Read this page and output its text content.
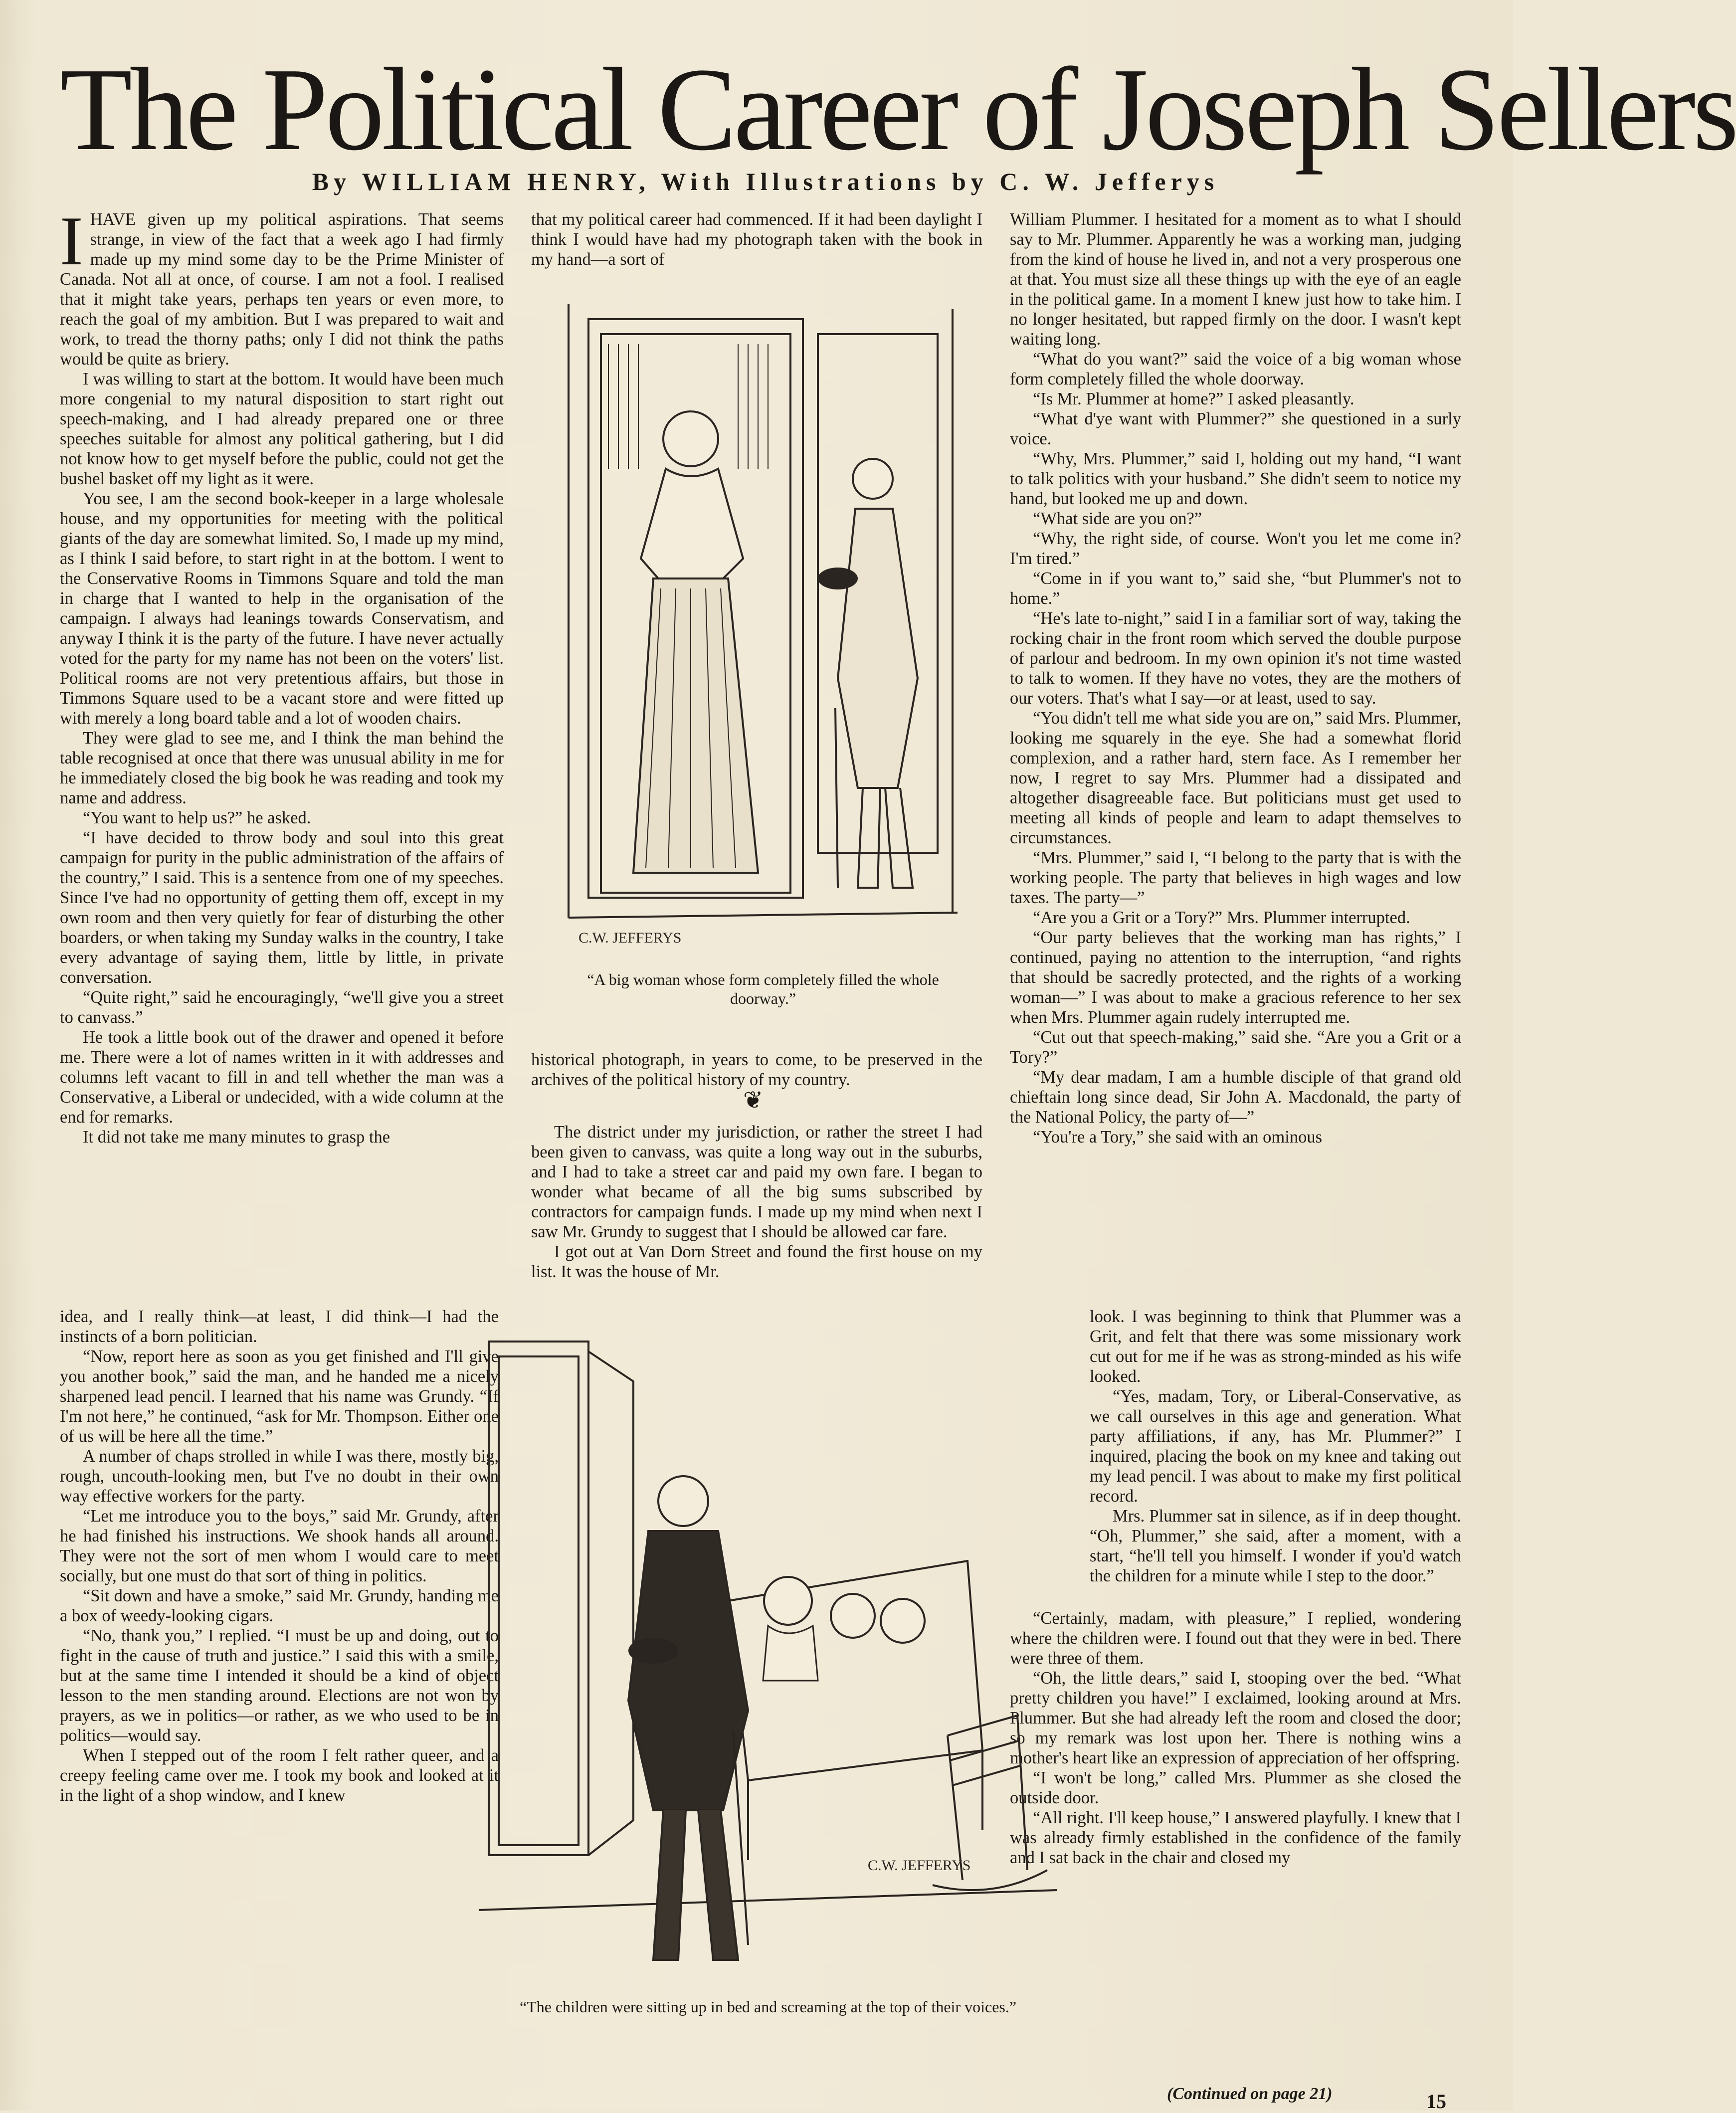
The Political Career of Joseph Sellers
By WILLIAM HENRY, With Illustrations by C. W. Jefferys

IHAVE given up my political aspirations. That seems strange, in view of the fact that a week ago I had firmly made up my mind some day to be the Prime Minister of Canada. Not all at once, of course. I am not a fool. I realised that it might take years, perhaps ten years or even more, to reach the goal of my ambition. But I was prepared to wait and work, to tread the thorny paths; only I did not think the paths would be quite as briery.

I was willing to start at the bottom. It would have been much more congenial to my natural disposition to start right out speech-making, and I had already prepared one or three speeches suitable for almost any political gathering, but I did not know how to get myself before the public, could not get the bushel basket off my light as it were.

You see, I am the second book-keeper in a large wholesale house, and my opportunities for meeting with the political giants of the day are somewhat limited. So, I made up my mind, as I think I said before, to start right in at the bottom. I went to the Conservative Rooms in Timmons Square and told the man in charge that I wanted to help in the organisation of the campaign. I always had leanings towards Conservatism, and anyway I think it is the party of the future. I have never actually voted for the party for my name has not been on the voters' list. Political rooms are not very pretentious affairs, but those in Timmons Square used to be a vacant store and were fitted up with merely a long board table and a lot of wooden chairs.

They were glad to see me, and I think the man behind the table recognised at once that there was unusual ability in me for he immediately closed the big book he was reading and took my name and address.

“You want to help us?” he asked.

“I have decided to throw body and soul into this great campaign for purity in the public administration of the affairs of the country,” I said. This is a sentence from one of my speeches. Since I've had no opportunity of getting them off, except in my own room and then very quietly for fear of disturbing the other boarders, or when taking my Sunday walks in the country, I take every advantage of saying them, little by little, in private conversation.

“Quite right,” said he encouragingly, “we'll give you a street to canvass.”

He took a little book out of the drawer and opened it before me. There were a lot of names written in it with addresses and columns left vacant to fill in and tell whether the man was a Conservative, a Liberal or undecided, with a wide column at the end for remarks.

It did not take me many minutes to grasp the

idea, and I really think—at least, I did think—I had the instincts of a born politician.

“Now, report here as soon as you get finished and I'll give you another book,” said the man, and he handed me a nicely sharpened lead pencil. I learned that his name was Grundy. “If I'm not here,” he continued, “ask for Mr. Thompson. Either one of us will be here all the time.”

A number of chaps strolled in while I was there, mostly big, rough, uncouth-looking men, but I've no doubt in their own way effective workers for the party.

“Let me introduce you to the boys,” said Mr. Grundy, after he had finished his instructions. We shook hands all around. They were not the sort of men whom I would care to meet socially, but one must do that sort of thing in politics.

“Sit down and have a smoke,” said Mr. Grundy, handing me a box of weedy-looking cigars.

“No, thank you,” I replied. “I must be up and doing, out to fight in the cause of truth and justice.” I said this with a smile, but at the same time I intended it should be a kind of object lesson to the men standing around. Elections are not won by prayers, as we in politics—or rather, as we who used to be in politics—would say.

When I stepped out of the room I felt rather queer, and a creepy feeling came over me. I took my book and looked at it in the light of a shop window, and I knew

that my political career had commenced. If it had been daylight I think I would have had my photograph taken with the book in my hand—a sort of

C.W. JEFFERYS
“A big woman whose form completely filled the whole doorway.”

historical photograph, in years to come, to be preserved in the archives of the political history of my country.

❦

The district under my jurisdiction, or rather the street I had been given to canvass, was quite a long way out in the suburbs, and I had to take a street car and paid my own fare. I began to wonder what became of all the big sums subscribed by contractors for campaign funds. I made up my mind when next I saw Mr. Grundy to suggest that I should be allowed car fare.

I got out at Van Dorn Street and found the first house on my list. It was the house of Mr.

William Plummer. I hesitated for a moment as to what I should say to Mr. Plummer. Apparently he was a working man, judging from the kind of house he lived in, and not a very prosperous one at that. You must size all these things up with the eye of an eagle in the political game. In a moment I knew just how to take him. I no longer hesitated, but rapped firmly on the door. I wasn't kept waiting long.

“What do you want?” said the voice of a big woman whose form completely filled the whole doorway.

“Is Mr. Plummer at home?” I asked pleasantly.

“What d'ye want with Plummer?” she questioned in a surly voice.

“Why, Mrs. Plummer,” said I, holding out my hand, “I want to talk politics with your husband.” She didn't seem to notice my hand, but looked me up and down.

“What side are you on?”

“Why, the right side, of course. Won't you let me come in? I'm tired.”

“Come in if you want to,” said she, “but Plummer's not to home.”

“He's late to-night,” said I in a familiar sort of way, taking the rocking chair in the front room which served the double purpose of parlour and bedroom. In my own opinion it's not time wasted to talk to women. If they have no votes, they are the mothers of our voters. That's what I say—or at least, used to say.

“You didn't tell me what side you are on,” said Mrs. Plummer, looking me squarely in the eye. She had a somewhat florid complexion, and a rather hard, stern face. As I remember her now, I regret to say Mrs. Plummer had a dissipated and altogether disagreeable face. But politicians must get used to meeting all kinds of people and learn to adapt themselves to circumstances.

“Mrs. Plummer,” said I, “I belong to the party that is with the working people. The party that believes in high wages and low taxes. The party—”

“Are you a Grit or a Tory?” Mrs. Plummer interrupted.

“Our party believes that the working man has rights,” I continued, paying no attention to the interruption, “and rights that should be sacredly protected, and the rights of a working woman—” I was about to make a gracious reference to her sex when Mrs. Plummer again rudely interrupted me.

“Cut out that speech-making,” said she. “Are you a Grit or a Tory?”

“My dear madam, I am a humble disciple of that grand old chieftain long since dead, Sir John A. Macdonald, the party of the National Policy, the party of—”

“You're a Tory,” she said with an ominous

look. I was beginning to think that Plummer was a Grit, and felt that there was some missionary work cut out for me if he was as strong-minded as his wife looked.

“Yes, madam, Tory, or Liberal-Conservative, as we call ourselves in this age and generation. What party affiliations, if any, has Mr. Plummer?” I inquired, placing the book on my knee and taking out my lead pencil. I was about to make my first political record.

Mrs. Plummer sat in silence, as if in deep thought. “Oh, Plummer,” she said, after a moment, with a start, “he'll tell you himself. I wonder if you'd watch the children for a minute while I step to the door.”

“Certainly, madam, with pleasure,” I replied, wondering where the children were. I found out that they were in bed. There were three of them.

“Oh, the little dears,” said I, stooping over the bed. “What pretty children you have!” I exclaimed, looking around at Mrs. Plummer. But she had already left the room and closed the door; so my remark was lost upon her. There is nothing wins a mother's heart like an expression of appreciation of her offspring.

“I won't be long,” called Mrs. Plummer as she closed the outside door.

“All right. I'll keep house,” I answered playfully. I knew that I was already firmly established in the confidence of the family and I sat back in the chair and closed my

C.W. JEFFERYS
“The children were sitting up in bed and screaming at the top of their voices.”
(Continued on page 21)	15
